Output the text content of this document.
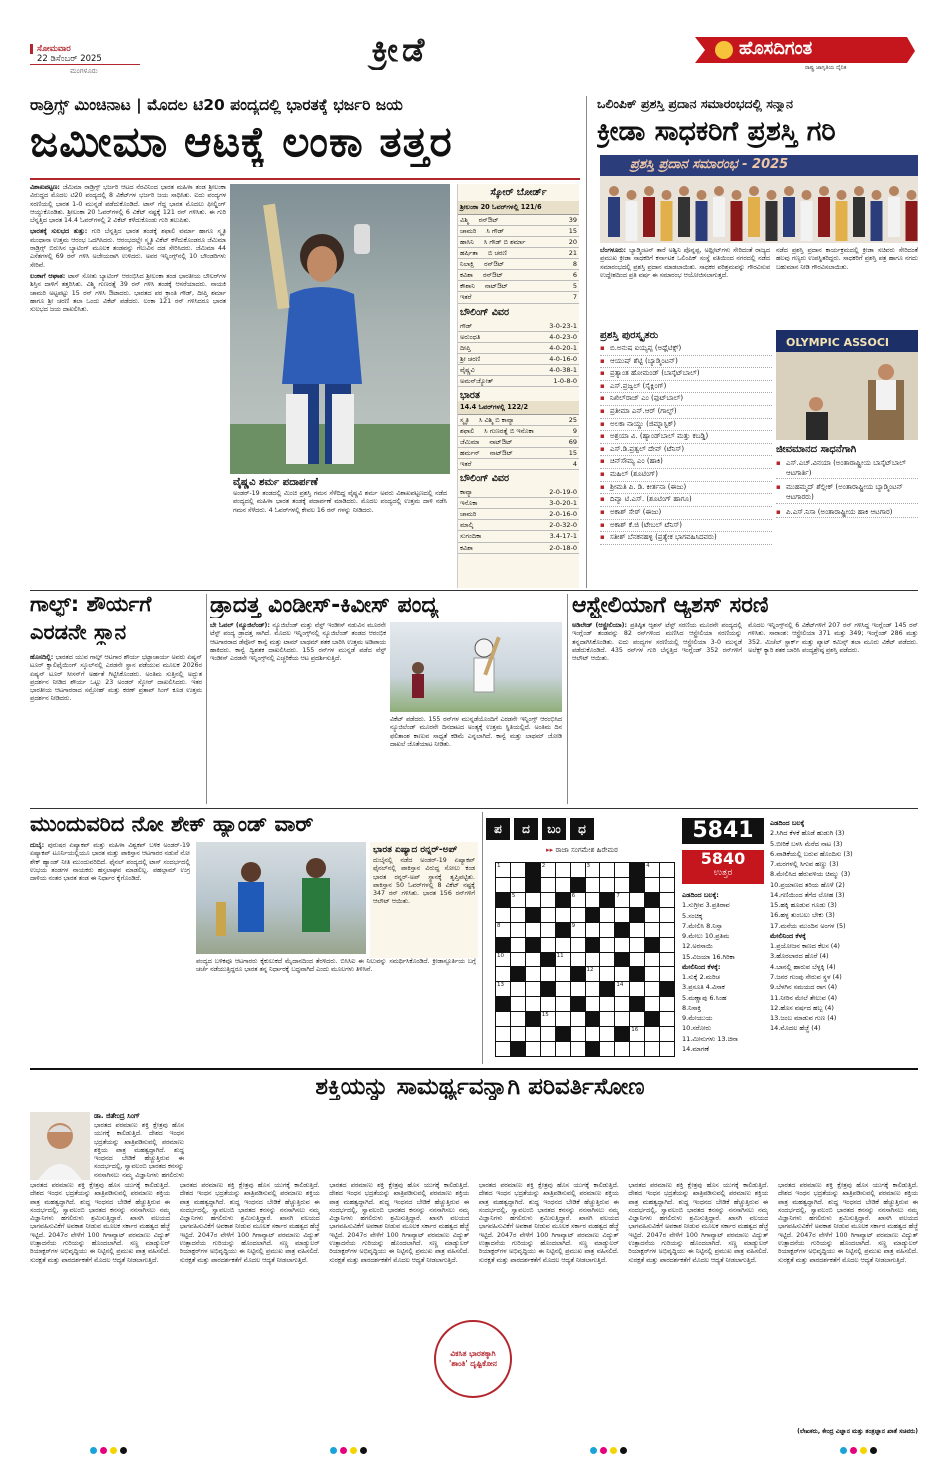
ಸೋಮವಾರ
22 ಡಿಸೆಂಬರ್ 2025
ಮಂಗಳೂರು
ಕ್ರೀಡೆ	ಹೊಸದಿಗಂತ
ರಾಷ್ಟ್ರ ಜಾಗೃತಿಯ ದೈನಿಕ
ರಾಡ್ರಿಗ್ಸ್ ಮಿಂಚಿನಾಟ | ಮೊದಲ ಟಿ20 ಪಂದ್ಯದಲ್ಲಿ ಭಾರತಕ್ಕೆ ಭರ್ಜರಿ ಜಯ
ಜಮೀಮಾ ಆಟಕ್ಕೆ ಲಂಕಾ ತತ್ತರ

ವಿಶಾಖಪಟ್ಟಣ: ಜೆಮಿಮಾ ರಾಡ್ರಿಗ್ಸ್ ಭರ್ಜರಿ ಆಟದ ನೆರವಿನಿಂದ ಭಾರತ ಮಹಿಳಾ ತಂಡ ಶ್ರೀಲಂಕಾ ವಿರುದ್ಧದ ಮೊದಲ ಟಿ20 ಪಂದ್ಯದಲ್ಲಿ 8 ವಿಕೆಟ್‌ಗಳ ಭರ್ಜರಿ ಜಯ ಸಾಧಿಸಿತು. ಐದು ಪಂದ್ಯಗಳ ಸರಣಿಯಲ್ಲಿ ಭಾರತ 1-0 ಮುನ್ನಡೆ ಪಡೆದುಕೊಂಡಿದೆ. ಟಾಸ್ ಗೆದ್ದ ಭಾರತ ಮೊದಲು ಫೀಲ್ಡಿಂಗ್ ಆಯ್ದುಕೊಂಡಿತು. ಶ್ರೀಲಂಕಾ 20 ಓವರ್‌ಗಳಲ್ಲಿ 6 ವಿಕೆಟ್ ನಷ್ಟಕ್ಕೆ 121 ರನ್ ಗಳಿಸಿತು. ಈ ಗುರಿ ಬೆನ್ನತ್ತಿದ ಭಾರತ 14.4 ಓವರ್‌ಗಳಲ್ಲಿ 2 ವಿಕೆಟ್ ಕಳೆದುಕೊಂಡು ಗುರಿ ತಲುಪಿತು.

ಭಾರತಕ್ಕೆ ಸುಲಭದ ತುತ್ತು: ಗುರಿ ಬೆನ್ನತ್ತಿದ ಭಾರತ ತಂಡಕ್ಕೆ ಶಫಾಲಿ ವರ್ಮಾ ಹಾಗೂ ಸ್ಮೃತಿ ಮಂಧಾನಾ ಉತ್ತಮ ಆರಂಭ ಒದಗಿಸಿದರು. ಆರಂಭದಲ್ಲೇ ಸ್ಮೃತಿ ವಿಕೆಟ್ ಕಳೆದುಕೊಂಡರೂ ಜೆಮಿಮಾ ರಾಡ್ರಿಗ್ಸ್ ಬಿರುಸಿನ ಬ್ಯಾಟಿಂಗ್ ಮೂಲಕ ತಂಡವನ್ನು ಗೆಲುವಿನ ದಡ ಸೇರಿಸಿದರು. ಜೆಮಿಮಾ 44 ಎಸೆತಗಳಲ್ಲಿ 69 ರನ್ ಗಳಿಸಿ ಅಜೇಯರಾಗಿ ಉಳಿದರು. ಅವರ ಇನ್ನಿಂಗ್ಸ್‌ನಲ್ಲಿ 10 ಬೌಂಡರಿಗಳು ಸೇರಿವೆ.

ಲಂಕಾಗೆ ಆಘಾತ: ಟಾಸ್ ಸೋತು ಬ್ಯಾಟಿಂಗ್ ಆರಂಭಿಸಿದ ಶ್ರೀಲಂಕಾ ತಂಡ ಭಾರತೀಯ ಬೌಲರ್‌ಗಳ ಶಿಸ್ತಿನ ದಾಳಿಗೆ ತತ್ತರಿಸಿತು. ವಿಶ್ಮಿ ಗುಣರತ್ನೆ 39 ರನ್ ಗಳಿಸಿ ತಂಡಕ್ಕೆ ಆಸರೆಯಾದರು. ನಾಯಕಿ ಚಾಮರಿ ಅಟ್ಟಪಟ್ಟು 15 ರನ್ ಗಳಿಸಿ ಔಟಾದರು. ಭಾರತದ ಪರ ಕ್ರಾಂತಿ ಗೌಡ್, ದೀಪ್ತಿ ಶರ್ಮಾ ಹಾಗೂ ಶ್ರೀ ಚರಣಿ ತಲಾ ಒಂದು ವಿಕೆಟ್ ಪಡೆದರು. ಲಂಕಾ 121 ರನ್ ಗಳಿಸಿದರೂ ಭಾರತ ಸುಲಭದ ಜಯ ದಾಖಲಿಸಿತು.

ವೈಷ್ಣವಿ ಶರ್ಮ ಪದಾರ್ಪಣೆ
ಅಂಡರ್-19 ತಂಡದಲ್ಲಿ ಮಿಂಚಿ ಪ್ರಶಸ್ತಿ ಗಮನ ಸೆಳೆದಿದ್ದ ವೈಷ್ಣವಿ ಶರ್ಮ ಅವರು ವಿಶಾಖಪಟ್ಟಣದಲ್ಲಿ ನಡೆದ ಪಂದ್ಯದಲ್ಲಿ ಮಹಿಳಾ ಭಾರತ ತಂಡಕ್ಕೆ ಪದಾರ್ಪಣೆ ಮಾಡಿದರು. ಮೊದಲ ಪಂದ್ಯದಲ್ಲಿ ಉತ್ತಮ ದಾಳಿ ನಡೆಸಿ ಗಮನ ಸೆಳೆದರು. 4 ಓವರ್‌ಗಳಲ್ಲಿ ಕೇವಲ 16 ರನ್ ಗಳನ್ನು ನೀಡಿದರು.
ಸ್ಕೋರ್ ಬೋರ್ಡ್
ಶ್ರೀಲಂಕಾ 20 ಓವರ್‌ಗಳಲ್ಲಿ 121/6
ವಿಶ್ಮಿ	ರನ್‌ಔಟ್	39
ಚಾಮರಿ	ಸಿ ಗೌಡ್	15
ಹಾಸಿನಿ	ಸಿ ಗೌಡ್ ಬಿ ಶರ್ಮಾ	20
ಹರ್ಷಿತಾ	ಬಿ ಚರಣಿ	21
ನಿಲಾಕ್ಷಿ	ರನ್‌ಔಟ್	8
ಕವಿಶಾ	ರನ್‌ಔಟ್	6
ಕೌಶಾನಿ	ನಾಟ್‌ಔಟ್	5
ಇತರೆ	7
ಬೌಲಿಂಗ್ ವಿವರ
ಗೌಡ್	3-0-23-1
ಅರುಂಧತಿ	4-0-23-0
ದೀಪ್ತಿ	4-0-20-1
ಶ್ರೀ ಚರಣಿ	4-0-16-0
ವೈಷ್ಣವಿ	4-0-38-1
ಅಮನ್‌ಜ್ಯೋತ್	1-0-8-0
ಭಾರತ
14.4 ಓವರ್‌ಗಳಲ್ಲಿ 122/2
ಸ್ಮೃತಿ	ಸಿ ವಿಶ್ಮಿ ಬಿ ಕಾವ್ಯಾ	25
ಶಫಾಲಿ	ಸಿ ಗುಣರತ್ನೆ ಬಿ ಇನೊಕಾ	9
ಜೆಮಿಮಾ	ನಾಟ್‌ಔಟ್	69
ಹರ್ಮನ್	ನಾಟ್‌ಔಟ್	15
ಇತರೆ	4
ಬೌಲಿಂಗ್ ವಿವರ
ಕಾವ್ಯಾ	2-0-19-0
ಇನೊಕಾ	3-0-20-1
ಚಾಮರಿ	2-0-16-0
ಮಾಲ್ಕಿ	2-0-32-0
ಸುಗಂದಿಕಾ	3.4-17-1
ಕವಿಶಾ	2-0-18-0
ಒಲಿಂಪಿಕ್ ಪ್ರಶಸ್ತಿ ಪ್ರದಾನ ಸಮಾರಂಭದಲ್ಲಿ ಸನ್ಮಾನ
ಕ್ರೀಡಾ ಸಾಧಕರಿಗೆ ಪ್ರಶಸ್ತಿ ಗರಿ
ಪ್ರಶಸ್ತಿ ಪ್ರದಾನ ಸಮಾರಂಭ - 2025
ಬೆಂಗಳೂರು: ಬ್ಯಾಡ್ಮಿಂಟನ್ ತಾರೆ ಅಶ್ವಿನಿ ಪೊನ್ನಪ್ಪ, ಅಥ್ಲೀಟ್‌ಗಳು ಸೇರಿದಂತೆ ರಾಜ್ಯದ ಪ್ರಮುಖ ಕ್ರೀಡಾ ಸಾಧಕರಿಗೆ ಕರ್ನಾಟಕ ಒಲಿಂಪಿಕ್ ಸಂಸ್ಥೆ ವತಿಯಿಂದ ನಗರದಲ್ಲಿ ನಡೆದ ಸಮಾರಂಭದಲ್ಲಿ ಪ್ರಶಸ್ತಿ ಪ್ರದಾನ ಮಾಡಲಾಯಿತು. ಸಾಧಕರ ಪರಿಶ್ರಮವನ್ನು ಗೌರವಿಸುವ ಉದ್ದೇಶದಿಂದ ಪ್ರತಿ ವರ್ಷ ಈ ಸಮಾರಂಭ ಆಯೋಜಿಸಲಾಗುತ್ತದೆ.
ನಡೆದ ಪ್ರಶಸ್ತಿ ಪ್ರದಾನ ಕಾರ್ಯಕ್ರಮದಲ್ಲಿ ಕ್ರೀಡಾ ಸಚಿವರು ಸೇರಿದಂತೆ ಹಲವು ಗಣ್ಯರು ಉಪಸ್ಥಿತರಿದ್ದರು. ಸಾಧಕರಿಗೆ ಪ್ರಶಸ್ತಿ ಪತ್ರ ಹಾಗೂ ನಗದು ಬಹುಮಾನ ನೀಡಿ ಗೌರವಿಸಲಾಯಿತು.
ಪ್ರಶಸ್ತಿ ಪುರಸ್ಕೃತರು
▪ ಬಿ.ಅನುಷ ಐಯ್ಯಪ್ಪ (ಅಥ್ಲೆಟಿಕ್ಸ್)
▪ ಆಯುಷ್ ಶೆಟ್ಟಿ (ಬ್ಯಾಡ್ಮಿಂಟನ್)
▪ ಪ್ರತ್ಯಾಂತ ಹೋಮಂಡ್ (ಬಾಸ್ಕೆಟ್‌ಬಾಲ್)
▪ ಎಸ್.ಪ್ರಜ್ವಲ್ (ಸೈಕ್ಲಿಂಗ್)
▪ ನಿಖಿಲ್‌ರಾಜ್ ಎಂ (ಫುಟ್‌ಬಾಲ್)
▪ ಪ್ರತೀಮಾ ಎನ್.ಆರ್ (ಗಾಲ್ಫ್)
▪ ಅಲಕಾ ನಾಯ್ಡು (ಜಿಮ್ನಾಸ್ಟಿಕ್)
▪ ಅಶ್ರಯಾ ವಿ. (ಹ್ಯಾಂಡ್‌ಬಾಲ್ ಮತ್ತು ಕಬಡ್ಡಿ)
▪ ಎಸ್.ಡಿ.ಪ್ರತ್ವಲ್ ದೇವ್ (ಟೆನಿಸ್)
▪ ಚಿನ್‌ಸೌಮ್ಯ ಎಂ (ಹಾಕಿ)
▪ ಮಹಿಲ್ (ಶೂಟಿಂಗ್)
▪ ಶ್ರೀಮತಿ ಪಿ. ಡಿ. ಕೀರ್ತನಾ (ಈಜು)
▪ ದಿವ್ಯಾ ಟಿ.ಎಸ್. (ಶೂಟಿಂಗ್ ಹಾಗೂ)
▪ ಅಕಾಶ್ ಸೇಠ್ (ಈಜು)
▪ ಅಕಾಶ್ ಕೆ.ಜಿ (ಟೇಬಲ್ ಟೆನಿಸ್)
▪ ಸತೀಶ್ ಬೆನಕನಹಳ್ಳಿ (ಪ್ರತ್ಯೇಕ ಭಾಗವಹಿಸಿದವರು)
OLYMPIC ASSOCI
ಜೀವಮಾನದ ಸಾಧನೆಗಾಗಿ
▪ ಎಸ್.ಎಚ್.ವಿನಯಾ (ಅಂತಾರಾಷ್ಟ್ರೀಯ ಬಾಸ್ಕೆಟ್‌ಬಾಲ್ ಆಟಗಾರ್ತಿ)
▪ ಮುಹಮ್ಮದ್ ಶೆಲ್ಲೀಕ್ (ಅಂತಾರಾಷ್ಟ್ರೀಯ ಬ್ಯಾಡ್ಮಿಂಟನ್ ಆಟಗಾರರು)
▪ ಪಿ.ಎಸ್.ನಿಸಾ (ಅಂತಾರಾಷ್ಟ್ರೀಯ ಹಾಕಿ ಆಟಗಾರ)
ಗಾಲ್ಫ್: ಶೌರ್ಯಗೆ
ಎರಡನೇ ಸ್ಥಾನ
ಹೊಸದಿಲ್ಲಿ: ಭಾರತದ ಯುವ ಗಾಲ್ಫ್ ಆಟಗಾರ ಶೌರ್ಯ ಭಟ್ಟಾಚಾರ್ಯ ಅವರು ಏಷ್ಯನ್ ಟೂರ್ ಕ್ವಾಲಿಫೈಯಿಂಗ್ ಸ್ಕೂಲ್‌ನಲ್ಲಿ ಎರಡನೇ ಸ್ಥಾನ ಪಡೆಯುವ ಮೂಲಕ 2026ರ ಏಷ್ಯನ್ ಟೂರ್ ಸೀಸನ್‌ಗೆ ಅರ್ಹತೆ ಗಿಟ್ಟಿಸಿಕೊಂಡರು. ಅಂತಿಮ ಸುತ್ತಿನಲ್ಲಿ ಅದ್ಭುತ ಪ್ರದರ್ಶನ ನೀಡಿದ ಶೌರ್ಯ ಒಟ್ಟು 23 ಅಂಡರ್ ಸ್ಕೋರ್ ದಾಖಲಿಸಿದರು. ಇತರ ಭಾರತೀಯ ಆಟಗಾರರಾದ ಸಮ್ರೋಹ್ ಮತ್ತು ಕರಣ್ ಪ್ರತಾಪ್ ಸಿಂಗ್ ಕೂಡ ಉತ್ತಮ ಪ್ರದರ್ಶನ ನೀಡಿದರು.
ಡ್ರಾದತ್ತ ವಿಂಡೀಸ್-ಕಿವೀಸ್ ಪಂದ್ಯ
ಬೇ ಓವಲ್ (ನ್ಯೂಜಿಲೆಂಡ್): ನ್ಯೂಜಿಲೆಂಡ್ ಮತ್ತು ವೆಸ್ಟ್ ಇಂಡೀಸ್ ನಡುವಿನ ಮೂರನೇ ಟೆಸ್ಟ್ ಪಂದ್ಯ ಡ್ರಾದತ್ತ ಸಾಗಿದೆ. ಮೊದಲ ಇನ್ನಿಂಗ್ಸ್‌ನಲ್ಲಿ ನ್ಯೂಜಿಲೆಂಡ್ ತಂಡದ ಆರಂಭಿಕ ಆಟಗಾರರಾದ ಡೆವೊನ್ ಕಾನ್ವೆ ಮತ್ತು ಟಾಮ್ ಲಾಥಮ್ ಶತಕ ಬಾರಿಸಿ ಉತ್ತಮ ಅಡಿಪಾಯ ಹಾಕಿದರು. ಕಾನ್ವೆ ದ್ವಿಶತಕ ದಾಖಲಿಸಿದರು. 155 ರನ್‌ಗಳ ಮುನ್ನಡೆ ಪಡೆದ ವೆಸ್ಟ್ ಇಂಡೀಸ್ ಎರಡನೇ ಇನ್ನಿಂಗ್ಸ್‌ನಲ್ಲಿ ಎಚ್ಚರಿಕೆಯ ಆಟ ಪ್ರದರ್ಶಿಸುತ್ತಿದೆ.
ವಿಕೆಟ್ ಪಡೆದರು. 155 ರನ್‌ಗಳ ಮುನ್ನಡೆಯೊಂದಿಗೆ ಎರಡನೇ ಇನ್ನಿಂಗ್ಸ್ ಆರಂಭಿಸಿದ ನ್ಯೂಜಿಲೆಂಡ್ ಮೂರನೇ ದಿನದಾಟದ ಅಂತ್ಯಕ್ಕೆ ಉತ್ತಮ ಸ್ಥಿತಿಯಲ್ಲಿದೆ. ಅಂತಿಮ ದಿನ ಫಲಿತಾಂಶ ಕಾಣುವ ಸಾಧ್ಯತೆ ಕಡಿಮೆ ಎನ್ನಲಾಗಿದೆ. ಕಾನ್ವೆ ಮತ್ತು ಲಾಥಮ್ ಜೋಡಿ ದಾಖಲೆ ಜೊತೆಯಾಟ ನೀಡಿತು.
ಆಸ್ಟ್ರೇಲಿಯಾಗೆ ಆ್ಯಶಸ್ ಸರಣಿ
ಅಡಿಲೇಡ್ (ಆಸ್ಟ್ರೇಲಿಯಾ): ಪ್ರತಿಷ್ಠಿತ ಆ್ಯಶಸ್ ಟೆಸ್ಟ್ ಸರಣಿಯ ಮೂರನೇ ಪಂದ್ಯದಲ್ಲಿ ಇಂಗ್ಲೆಂಡ್ ತಂಡವನ್ನು 82 ರನ್‌ಗಳಿಂದ ಮಣಿಸಿದ ಆಸ್ಟ್ರೇಲಿಯಾ ಸರಣಿಯನ್ನು ತನ್ನದಾಗಿಸಿಕೊಂಡಿತು. ಐದು ಪಂದ್ಯಗಳ ಸರಣಿಯಲ್ಲಿ ಆಸ್ಟ್ರೇಲಿಯಾ 3-0 ಮುನ್ನಡೆ ಪಡೆದುಕೊಂಡಿದೆ. 435 ರನ್‌ಗಳ ಗುರಿ ಬೆನ್ನತ್ತಿದ ಇಂಗ್ಲೆಂಡ್ 352 ರನ್‌ಗಳಿಗೆ ಆಲೌಟ್ ಆಯಿತು.
ಮೊದಲ ಇನ್ನಿಂಗ್ಸ್‌ನಲ್ಲಿ 6 ವಿಕೆಟ್‌ಗಳಿಗೆ 207 ರನ್ ಗಳಿಸಿದ್ದ ಇಂಗ್ಲೆಂಡ್ 145 ರನ್ ಗಳಿಸಿತು. ಸಾರಾಂಶ: ಆಸ್ಟ್ರೇಲಿಯಾ 371 ಮತ್ತು 349; ಇಂಗ್ಲೆಂಡ್ 286 ಮತ್ತು 352. ಮಿಚೆಲ್ ಸ್ಟಾರ್ಕ್ ಮತ್ತು ಪ್ಯಾಟ್ ಕಮಿನ್ಸ್ ತಲಾ ಮೂರು ವಿಕೆಟ್ ಪಡೆದರು. ಅಲೆಕ್ಸ್ ಕ್ಯಾರಿ ಶತಕ ಬಾರಿಸಿ ಪಂದ್ಯಶ್ರೇಷ್ಠ ಪ್ರಶಸ್ತಿ ಪಡೆದರು.
ಮುಂದುವರಿದ ನೋ ಶೇಕ್ ಹ್ಯಾಂಡ್ ವಾರ್
ದುಬೈ: ಪುರುಷರ ಏಷ್ಯಾಕಪ್ ಮತ್ತು ಮಹಿಳಾ ವಿಶ್ವಕಪ್ ಬಳಿಕ ಅಂಡರ್-19 ಏಷ್ಯಾಕಪ್ ಟೂರ್ನಿಯಲ್ಲಿಯೂ ಭಾರತ ಮತ್ತು ಪಾಕಿಸ್ತಾನ ಆಟಗಾರರ ನಡುವೆ ನೋ ಶೇಕ್ ಹ್ಯಾಂಡ್ ನೀತಿ ಮುಂದುವರಿದಿದೆ. ಫೈನಲ್ ಪಂದ್ಯದಲ್ಲಿ ಟಾಸ್ ಸಂದರ್ಭದಲ್ಲಿ ಉಭಯ ತಂಡಗಳ ನಾಯಕರು ಹಸ್ತಲಾಘವ ಮಾಡಲಿಲ್ಲ. ಪಹಲ್ಗಾಮ್ ಉಗ್ರ ದಾಳಿಯ ನಂತರ ಭಾರತ ತಂಡ ಈ ನಿರ್ಧಾರ ಕೈಗೊಂಡಿದೆ.
ಪಂದ್ಯದ ಬಳಿಕವೂ ಆಟಗಾರರು ಕೈಕುಲುಕದೆ ಮೈದಾನದಿಂದ ತೆರಳಿದರು. ಬಿಸಿಸಿಐ ಈ ನಿಲುವನ್ನು ಸಮರ್ಥಿಸಿಕೊಂಡಿದೆ. ಕ್ರೀಡಾಸ್ಫೂರ್ತಿಯ ಬಗ್ಗೆ ಚರ್ಚೆ ನಡೆಯುತ್ತಿದ್ದರೂ ಭಾರತ ತನ್ನ ನಿರ್ಧಾರಕ್ಕೆ ಬದ್ಧವಾಗಿದೆ ಎಂದು ಮೂಲಗಳು ತಿಳಿಸಿವೆ.
ಭಾರತ ಏಷ್ಯಾದ ರನ್ನರ್-ಅಪ್
ದುಬೈನಲ್ಲಿ ನಡೆದ ಅಂಡರ್-19 ಏಷ್ಯಾಕಪ್ ಫೈನಲ್‌ನಲ್ಲಿ ಪಾಕಿಸ್ತಾನ ವಿರುದ್ಧ ಸೋಲು ಕಂಡ ಭಾರತ ರನ್ನರ್-ಅಪ್ ಸ್ಥಾನಕ್ಕೆ ತೃಪ್ತಿಪಟ್ಟಿತು. ಪಾಕಿಸ್ತಾನ 50 ಓವರ್‌ಗಳಲ್ಲಿ 8 ವಿಕೆಟ್ ನಷ್ಟಕ್ಕೆ 347 ರನ್ ಗಳಿಸಿತು. ಭಾರತ 156 ರನ್‌ಗಳಿಗೆ ಆಲೌಟ್ ಆಯಿತು.
ಪ	ದ	ಬಂ	ಧ
▸▸ ರಾಜಾ ಸಂಗಮೇಶ ಹಿರೇಮಠ
1	2	3	4
5	6	7
8	9
10	11
12
13	14
15
16
5841
5840
ಉತ್ತರ
ಎಡದಿಂದ ಬಲಕ್ಕೆ:
1.ಸುಗ್ರೀವ 3.ಪ್ರತಿರಾವ
5.ಸಂಚಿಕ್ಕ
7.ಮೇಲಿಸಿ 8.ನಿಸ್ಸಾ
9.ಮೇಲು 10.ಪ್ರತಿಮ
12.ಅರಸಾಯಿ
15.ವಿಜಯಾ 16.ಗಿರಿಕಾ
ಮೇಲಿನಿಂದ ಕೆಳಕ್ಕೆ:
1.ಸುಕ್ಕೆ 2.ಮರಿಚ
3.ಪ್ರಸೂತಿ 4.ವಿಸಾಕ
5.ಮಣ್ಣಾಪು 6.ಸಿಂಹ
8.ನಿಸಾಕ್ತಿ
9.ಮೇಯುಯ
10.ಸರೋರು
11.ಮೀನುಗಳು 13.ಚಿನಾ
14.ಮಾಗಣೆ
ಎಡದಿಂದ ಬಲಕ್ಕೆ
2.ಸಿಗಿದ ಕೆಳಕೆ ಹೊಡೆ ಹುಡುಗಿ (3)
5.ಬೀರಿಕೆ ಬಳಸಿ ಮೆರೆದ ನಾಟ (3)
6.ವಾಡಿಕೆಯಲ್ಲಿ ಬರುವ ಹೊಂದಿಸು (3)
7.ಮರಗಳಲ್ಲಿ ಸಿಗುವ ಹಣ್ಣು (3)
8.ಮೇಲಿಸಿದ ಹೆರುವಳಿಯ ಚಿಮ್ಮು (3)
10.ಪ್ರಯಾಣದ ತರಿಯ ಹೊಳೆ (2)
14.ಗಣಿಯಿಂದ ತೆಗೆದ ಲೋಹ (3)
15.ಹಕ್ಕಿ ಹೂಡುವ ಗೂಡು (3)
16.ಹಳ್ಳ ತುಂಬಲು ಬೇಕು (3)
17.ಮನೆಯ ಮುಂದಿನ ಅಂಗಳ (5)
ಮೇಲಿನಿಂದ ಕೆಳಕ್ಕೆ
1.ಪ್ರಯೋಜನ ಕಾಣದ ಕೆಲಸ (4)
3.ಹೊರಲಾರದ ಹೊರೆ (4)
4.ಬಾನಲ್ಲಿ ಹಾರುವ ಬೆಳ್ಳಕ್ಕಿ (4)
7.ಜನರ ಗುಂಪು ಸೇರುವ ಸ್ಥಳ (4)
9.ಬೆಳಗಿನ ಸಮಯದ ರಾಗ (4)
11.ನೀರಿನ ಮೇಲೆ ತೇಲುವ (4)
12.ಹೊಸ ವರ್ಷದ ಹಬ್ಬ (4)
13.ಜಂಬ ಮಾಡುವ ಗುಣ (4)
14.ಮೊದಲ ಹೆಜ್ಜೆ (4)
ಶಕ್ತಿಯನ್ನು ಸಾಮರ್ಥ್ಯವನ್ನಾಗಿ ಪರಿವರ್ತಿಸೋಣ
ಡಾ. ಜಿತೇಂದ್ರ ಸಿಂಗ್
ಭಾರತದ ಪರಮಾಣು ಶಕ್ತಿ ಕ್ಷೇತ್ರವು ಹೊಸ ಯುಗಕ್ಕೆ ಕಾಲಿಡುತ್ತಿದೆ. ದೇಶದ ಇಂಧನ ಭದ್ರತೆಯನ್ನು ಖಾತ್ರಿಪಡಿಸುವಲ್ಲಿ ಪರಮಾಣು ಶಕ್ತಿಯ ಪಾತ್ರ ಮಹತ್ವದ್ದಾಗಿದೆ. ಶುದ್ಧ ಇಂಧನದ ಬೇಡಿಕೆ ಹೆಚ್ಚುತ್ತಿರುವ ಈ ಸಂದರ್ಭದಲ್ಲಿ, ಸ್ವಾವಲಂಬಿ ಭಾರತದ ಕನಸನ್ನು ನನಸಾಗಿಸಲು ನಮ್ಮ ವಿಜ್ಞಾನಿಗಳು ಹಗಲಿರುಳು
ಭಾರತದ ಪರಮಾಣು ಶಕ್ತಿ ಕ್ಷೇತ್ರವು ಹೊಸ ಯುಗಕ್ಕೆ ಕಾಲಿಡುತ್ತಿದೆ. ದೇಶದ ಇಂಧನ ಭದ್ರತೆಯನ್ನು ಖಾತ್ರಿಪಡಿಸುವಲ್ಲಿ ಪರಮಾಣು ಶಕ್ತಿಯ ಪಾತ್ರ ಮಹತ್ವದ್ದಾಗಿದೆ. ಶುದ್ಧ ಇಂಧನದ ಬೇಡಿಕೆ ಹೆಚ್ಚುತ್ತಿರುವ ಈ ಸಂದರ್ಭದಲ್ಲಿ, ಸ್ವಾವಲಂಬಿ ಭಾರತದ ಕನಸನ್ನು ನನಸಾಗಿಸಲು ನಮ್ಮ ವಿಜ್ಞಾನಿಗಳು ಹಗಲಿರುಳು ಶ್ರಮಿಸುತ್ತಿದ್ದಾರೆ. ಖಾಸಗಿ ವಲಯದ ಭಾಗವಹಿಸುವಿಕೆಗೆ ಅವಕಾಶ ನೀಡುವ ಮೂಲಕ ಸರ್ಕಾರ ಮಹತ್ವದ ಹೆಜ್ಜೆ ಇಟ್ಟಿದೆ. 2047ರ ವೇಳೆಗೆ 100 ಗಿಗಾವ್ಯಾಟ್ ಪರಮಾಣು ವಿದ್ಯುತ್ ಉತ್ಪಾದನೆಯ ಗುರಿಯನ್ನು ಹೊಂದಲಾಗಿದೆ. ಸಣ್ಣ ಮಾಡ್ಯುಲರ್ ರಿಯಾಕ್ಟರ್‌ಗಳ ಅಭಿವೃದ್ಧಿಯು ಈ ನಿಟ್ಟಿನಲ್ಲಿ ಪ್ರಮುಖ ಪಾತ್ರ ವಹಿಸಲಿದೆ. ಸುರಕ್ಷತೆ ಮತ್ತು ಪಾರದರ್ಶಕತೆಗೆ ಮೊದಲ ಆದ್ಯತೆ ನೀಡಲಾಗುತ್ತಿದೆ.
ಭಾರತದ ಪರಮಾಣು ಶಕ್ತಿ ಕ್ಷೇತ್ರವು ಹೊಸ ಯುಗಕ್ಕೆ ಕಾಲಿಡುತ್ತಿದೆ. ದೇಶದ ಇಂಧನ ಭದ್ರತೆಯನ್ನು ಖಾತ್ರಿಪಡಿಸುವಲ್ಲಿ ಪರಮಾಣು ಶಕ್ತಿಯ ಪಾತ್ರ ಮಹತ್ವದ್ದಾಗಿದೆ. ಶುದ್ಧ ಇಂಧನದ ಬೇಡಿಕೆ ಹೆಚ್ಚುತ್ತಿರುವ ಈ ಸಂದರ್ಭದಲ್ಲಿ, ಸ್ವಾವಲಂಬಿ ಭಾರತದ ಕನಸನ್ನು ನನಸಾಗಿಸಲು ನಮ್ಮ ವಿಜ್ಞಾನಿಗಳು ಹಗಲಿರುಳು ಶ್ರಮಿಸುತ್ತಿದ್ದಾರೆ. ಖಾಸಗಿ ವಲಯದ ಭಾಗವಹಿಸುವಿಕೆಗೆ ಅವಕಾಶ ನೀಡುವ ಮೂಲಕ ಸರ್ಕಾರ ಮಹತ್ವದ ಹೆಜ್ಜೆ ಇಟ್ಟಿದೆ. 2047ರ ವೇಳೆಗೆ 100 ಗಿಗಾವ್ಯಾಟ್ ಪರಮಾಣು ವಿದ್ಯುತ್ ಉತ್ಪಾದನೆಯ ಗುರಿಯನ್ನು ಹೊಂದಲಾಗಿದೆ. ಸಣ್ಣ ಮಾಡ್ಯುಲರ್ ರಿಯಾಕ್ಟರ್‌ಗಳ ಅಭಿವೃದ್ಧಿಯು ಈ ನಿಟ್ಟಿನಲ್ಲಿ ಪ್ರಮುಖ ಪಾತ್ರ ವಹಿಸಲಿದೆ. ಸುರಕ್ಷತೆ ಮತ್ತು ಪಾರದರ್ಶಕತೆಗೆ ಮೊದಲ ಆದ್ಯತೆ ನೀಡಲಾಗುತ್ತಿದೆ.
ಭಾರತದ ಪರಮಾಣು ಶಕ್ತಿ ಕ್ಷೇತ್ರವು ಹೊಸ ಯುಗಕ್ಕೆ ಕಾಲಿಡುತ್ತಿದೆ. ದೇಶದ ಇಂಧನ ಭದ್ರತೆಯನ್ನು ಖಾತ್ರಿಪಡಿಸುವಲ್ಲಿ ಪರಮಾಣು ಶಕ್ತಿಯ ಪಾತ್ರ ಮಹತ್ವದ್ದಾಗಿದೆ. ಶುದ್ಧ ಇಂಧನದ ಬೇಡಿಕೆ ಹೆಚ್ಚುತ್ತಿರುವ ಈ ಸಂದರ್ಭದಲ್ಲಿ, ಸ್ವಾವಲಂಬಿ ಭಾರತದ ಕನಸನ್ನು ನನಸಾಗಿಸಲು ನಮ್ಮ ವಿಜ್ಞಾನಿಗಳು ಹಗಲಿರುಳು ಶ್ರಮಿಸುತ್ತಿದ್ದಾರೆ. ಖಾಸಗಿ ವಲಯದ ಭಾಗವಹಿಸುವಿಕೆಗೆ ಅವಕಾಶ ನೀಡುವ ಮೂಲಕ ಸರ್ಕಾರ ಮಹತ್ವದ ಹೆಜ್ಜೆ ಇಟ್ಟಿದೆ. 2047ರ ವೇಳೆಗೆ 100 ಗಿಗಾವ್ಯಾಟ್ ಪರಮಾಣು ವಿದ್ಯುತ್ ಉತ್ಪಾದನೆಯ ಗುರಿಯನ್ನು ಹೊಂದಲಾಗಿದೆ. ಸಣ್ಣ ಮಾಡ್ಯುಲರ್ ರಿಯಾಕ್ಟರ್‌ಗಳ ಅಭಿವೃದ್ಧಿಯು ಈ ನಿಟ್ಟಿನಲ್ಲಿ ಪ್ರಮುಖ ಪಾತ್ರ ವಹಿಸಲಿದೆ. ಸುರಕ್ಷತೆ ಮತ್ತು ಪಾರದರ್ಶಕತೆಗೆ ಮೊದಲ ಆದ್ಯತೆ ನೀಡಲಾಗುತ್ತಿದೆ.
ಭಾರತದ ಪರಮಾಣು ಶಕ್ತಿ ಕ್ಷೇತ್ರವು ಹೊಸ ಯುಗಕ್ಕೆ ಕಾಲಿಡುತ್ತಿದೆ. ದೇಶದ ಇಂಧನ ಭದ್ರತೆಯನ್ನು ಖಾತ್ರಿಪಡಿಸುವಲ್ಲಿ ಪರಮಾಣು ಶಕ್ತಿಯ ಪಾತ್ರ ಮಹತ್ವದ್ದಾಗಿದೆ. ಶುದ್ಧ ಇಂಧನದ ಬೇಡಿಕೆ ಹೆಚ್ಚುತ್ತಿರುವ ಈ ಸಂದರ್ಭದಲ್ಲಿ, ಸ್ವಾವಲಂಬಿ ಭಾರತದ ಕನಸನ್ನು ನನಸಾಗಿಸಲು ನಮ್ಮ ವಿಜ್ಞಾನಿಗಳು ಹಗಲಿರುಳು ಶ್ರಮಿಸುತ್ತಿದ್ದಾರೆ. ಖಾಸಗಿ ವಲಯದ ಭಾಗವಹಿಸುವಿಕೆಗೆ ಅವಕಾಶ ನೀಡುವ ಮೂಲಕ ಸರ್ಕಾರ ಮಹತ್ವದ ಹೆಜ್ಜೆ ಇಟ್ಟಿದೆ. 2047ರ ವೇಳೆಗೆ 100 ಗಿಗಾವ್ಯಾಟ್ ಪರಮಾಣು ವಿದ್ಯುತ್ ಉತ್ಪಾದನೆಯ ಗುರಿಯನ್ನು ಹೊಂದಲಾಗಿದೆ. ಸಣ್ಣ ಮಾಡ್ಯುಲರ್ ರಿಯಾಕ್ಟರ್‌ಗಳ ಅಭಿವೃದ್ಧಿಯು ಈ ನಿಟ್ಟಿನಲ್ಲಿ ಪ್ರಮುಖ ಪಾತ್ರ ವಹಿಸಲಿದೆ. ಸುರಕ್ಷತೆ ಮತ್ತು ಪಾರದರ್ಶಕತೆಗೆ ಮೊದಲ ಆದ್ಯತೆ ನೀಡಲಾಗುತ್ತಿದೆ.
ಭಾರತದ ಪರಮಾಣು ಶಕ್ತಿ ಕ್ಷೇತ್ರವು ಹೊಸ ಯುಗಕ್ಕೆ ಕಾಲಿಡುತ್ತಿದೆ. ದೇಶದ ಇಂಧನ ಭದ್ರತೆಯನ್ನು ಖಾತ್ರಿಪಡಿಸುವಲ್ಲಿ ಪರಮಾಣು ಶಕ್ತಿಯ ಪಾತ್ರ ಮಹತ್ವದ್ದಾಗಿದೆ. ಶುದ್ಧ ಇಂಧನದ ಬೇಡಿಕೆ ಹೆಚ್ಚುತ್ತಿರುವ ಈ ಸಂದರ್ಭದಲ್ಲಿ, ಸ್ವಾವಲಂಬಿ ಭಾರತದ ಕನಸನ್ನು ನನಸಾಗಿಸಲು ನಮ್ಮ ವಿಜ್ಞಾನಿಗಳು ಹಗಲಿರುಳು ಶ್ರಮಿಸುತ್ತಿದ್ದಾರೆ. ಖಾಸಗಿ ವಲಯದ ಭಾಗವಹಿಸುವಿಕೆಗೆ ಅವಕಾಶ ನೀಡುವ ಮೂಲಕ ಸರ್ಕಾರ ಮಹತ್ವದ ಹೆಜ್ಜೆ ಇಟ್ಟಿದೆ. 2047ರ ವೇಳೆಗೆ 100 ಗಿಗಾವ್ಯಾಟ್ ಪರಮಾಣು ವಿದ್ಯುತ್ ಉತ್ಪಾದನೆಯ ಗುರಿಯನ್ನು ಹೊಂದಲಾಗಿದೆ. ಸಣ್ಣ ಮಾಡ್ಯುಲರ್ ರಿಯಾಕ್ಟರ್‌ಗಳ ಅಭಿವೃದ್ಧಿಯು ಈ ನಿಟ್ಟಿನಲ್ಲಿ ಪ್ರಮುಖ ಪಾತ್ರ ವಹಿಸಲಿದೆ. ಸುರಕ್ಷತೆ ಮತ್ತು ಪಾರದರ್ಶಕತೆಗೆ ಮೊದಲ ಆದ್ಯತೆ ನೀಡಲಾಗುತ್ತಿದೆ.
ಭಾರತದ ಪರಮಾಣು ಶಕ್ತಿ ಕ್ಷೇತ್ರವು ಹೊಸ ಯುಗಕ್ಕೆ ಕಾಲಿಡುತ್ತಿದೆ. ದೇಶದ ಇಂಧನ ಭದ್ರತೆಯನ್ನು ಖಾತ್ರಿಪಡಿಸುವಲ್ಲಿ ಪರಮಾಣು ಶಕ್ತಿಯ ಪಾತ್ರ ಮಹತ್ವದ್ದಾಗಿದೆ. ಶುದ್ಧ ಇಂಧನದ ಬೇಡಿಕೆ ಹೆಚ್ಚುತ್ತಿರುವ ಈ ಸಂದರ್ಭದಲ್ಲಿ, ಸ್ವಾವಲಂಬಿ ಭಾರತದ ಕನಸನ್ನು ನನಸಾಗಿಸಲು ನಮ್ಮ ವಿಜ್ಞಾನಿಗಳು ಹಗಲಿರುಳು ಶ್ರಮಿಸುತ್ತಿದ್ದಾರೆ. ಖಾಸಗಿ ವಲಯದ ಭಾಗವಹಿಸುವಿಕೆಗೆ ಅವಕಾಶ ನೀಡುವ ಮೂಲಕ ಸರ್ಕಾರ ಮಹತ್ವದ ಹೆಜ್ಜೆ ಇಟ್ಟಿದೆ. 2047ರ ವೇಳೆಗೆ 100 ಗಿಗಾವ್ಯಾಟ್ ಪರಮಾಣು ವಿದ್ಯುತ್ ಉತ್ಪಾದನೆಯ ಗುರಿಯನ್ನು ಹೊಂದಲಾಗಿದೆ. ಸಣ್ಣ ಮಾಡ್ಯುಲರ್ ರಿಯಾಕ್ಟರ್‌ಗಳ ಅಭಿವೃದ್ಧಿಯು ಈ ನಿಟ್ಟಿನಲ್ಲಿ ಪ್ರಮುಖ ಪಾತ್ರ ವಹಿಸಲಿದೆ. ಸುರಕ್ಷತೆ ಮತ್ತು ಪಾರದರ್ಶಕತೆಗೆ ಮೊದಲ ಆದ್ಯತೆ ನೀಡಲಾಗುತ್ತಿದೆ.
ವಿಕಸಿತ ಭಾರತಕ್ಕಾಗಿ 'ಶಾಂತಿ' ದೃಷ್ಟಿಕೋನ
(ಲೇಖಕರು, ಕೇಂದ್ರ ವಿಜ್ಞಾನ ಮತ್ತು ತಂತ್ರಜ್ಞಾನ ಖಾತೆ ಸಚಿವರು)
